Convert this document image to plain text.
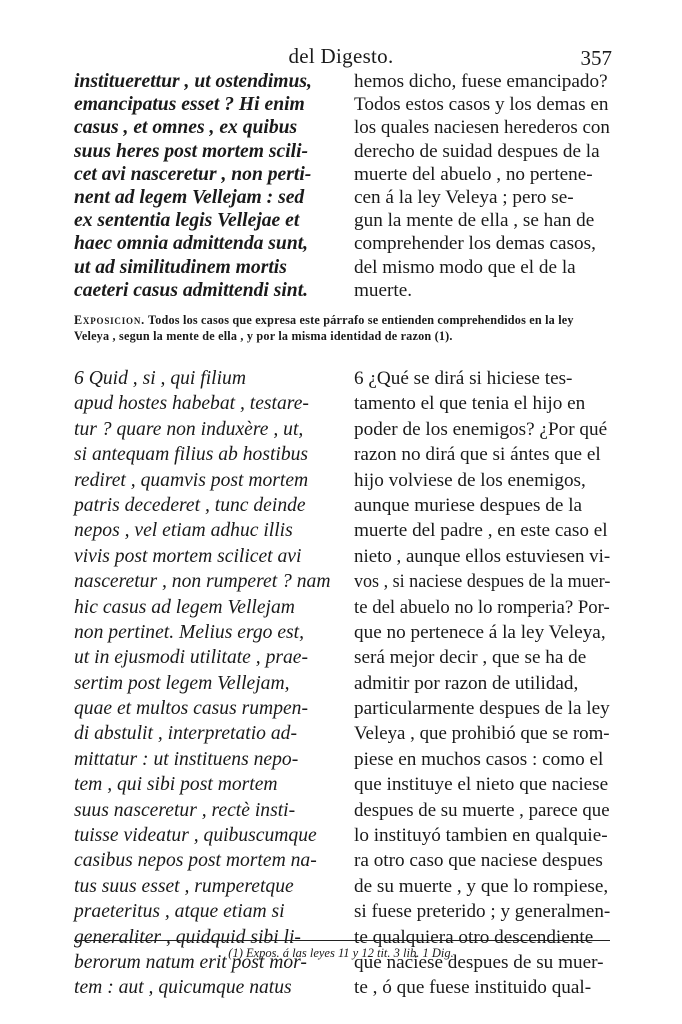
del Digesto.	357
instituerettur , ut ostendimus,
emancipatus esset ? Hi enim
casus , et omnes , ex quibus
suus heres post mortem scili-
cet avi nasceretur , non perti-
nent ad legem Vellejam : sed
ex sententia legis Vellejae et
haec omnia admittenda sunt,
ut ad similitudinem mortis
caeteri casus admittendi sint.
hemos dicho, fuese emancipado?
Todos estos casos y los demas en
los quales naciesen herederos con
derecho de suidad despues de la
muerte del abuelo , no pertene-
cen á la ley Veleya ; pero se-
gun la mente de ella , se han de
comprehender los demas casos,
del mismo modo que el de la
muerte.

Exposicion. Todos los casos que expresa este párrafo se entienden comprehendidos en la ley Veleya , segun la mente de ella , y por la misma identidad de razon (1).

6 Quid , si , qui filium
apud hostes habebat , testare-
tur ? quare non induxère , ut,
si antequam filius ab hostibus
rediret , quamvis post mortem
patris decederet , tunc deinde
nepos , vel etiam adhuc illis
vivis post mortem scilicet avi
nasceretur , non rumperet ? nam
hic casus ad legem Vellejam
non pertinet. Melius ergo est,
ut in ejusmodi utilitate , prae-
sertim post legem Vellejam,
quae et multos casus rumpen-
di abstulit , interpretatio ad-
mittatur : ut instituens nepo-
tem , qui sibi post mortem
suus nasceretur , rectè insti-
tuisse videatur , quibuscumque
casibus nepos post mortem na-
tus suus esset , rumperetque
praeteritus , atque etiam si
generaliter , quidquid sibi li-
berorum natum erit post mor-
tem : aut , quicumque natus
6 ¿Qué se dirá si hiciese tes-
tamento el que tenia el hijo en
poder de los enemigos? ¿Por qué
razon no dirá que si ántes que el
hijo volviese de los enemigos,
aunque muriese despues de la
muerte del padre , en este caso el
nieto , aunque ellos estuviesen vi-
vos , si naciese despues de la muer-
te del abuelo no lo romperia? Por-
que no pertenece á la ley Veleya,
será mejor decir , que se ha de
admitir por razon de utilidad,
particularmente despues de la ley
Veleya , que prohibió que se rom-
piese en muchos casos : como el
que instituye el nieto que naciese
despues de su muerte , parece que
lo instituyó tambien en qualquie-
ra otro caso que naciese despues
de su muerte , y que lo rompiese,
si fuese preterido ; y generalmen-
te qualquiera otro descendiente
que naciese despues de su muer-
te , ó que fuese instituido qual-
(1) Expos. á las leyes 11 y 12 tit. 3 lib. 1 Dig.
